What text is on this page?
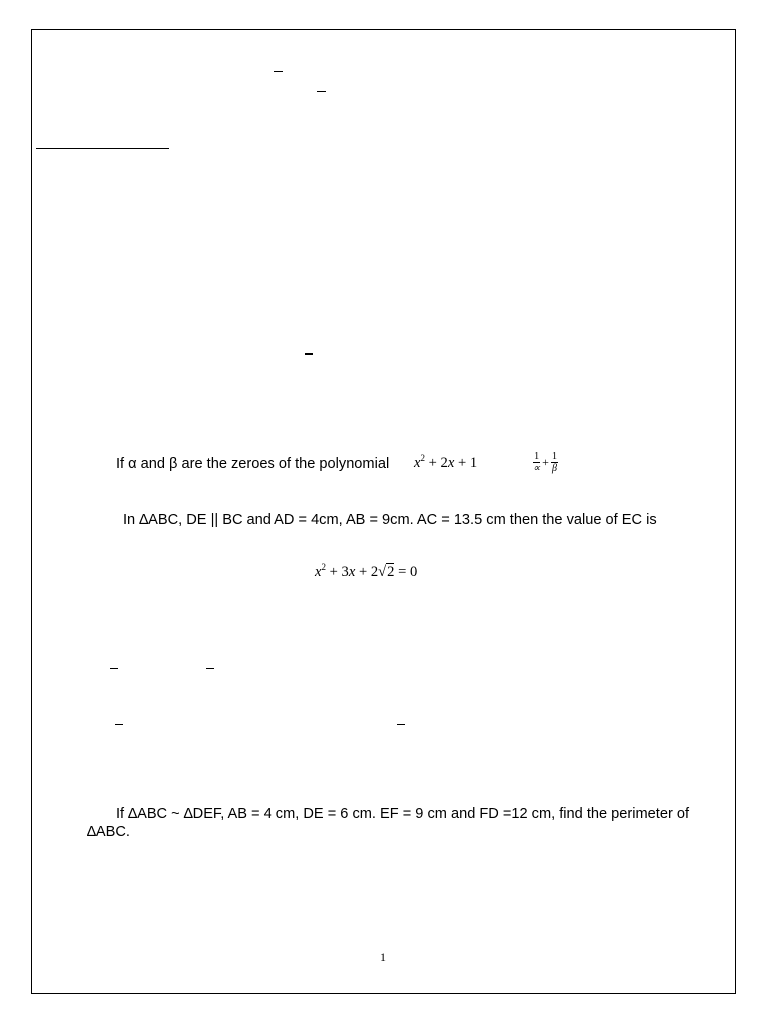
If α and β are the zeroes of the polynomial $x^2 + 2x + 1$	$\frac{1}{\propto} + \frac{1}{\beta}$
In ∆ABC, DE || BC and AD = 4cm, AB = 9cm. AC = 13.5 cm then the value of EC is
$x^2 + 3x + 2√2 = 0$
If ∆ABC ~ ∆DEF, AB = 4 cm, DE = 6 cm. EF = 9 cm and FD =12 cm, find the perimeter of
∆ABC.
1
